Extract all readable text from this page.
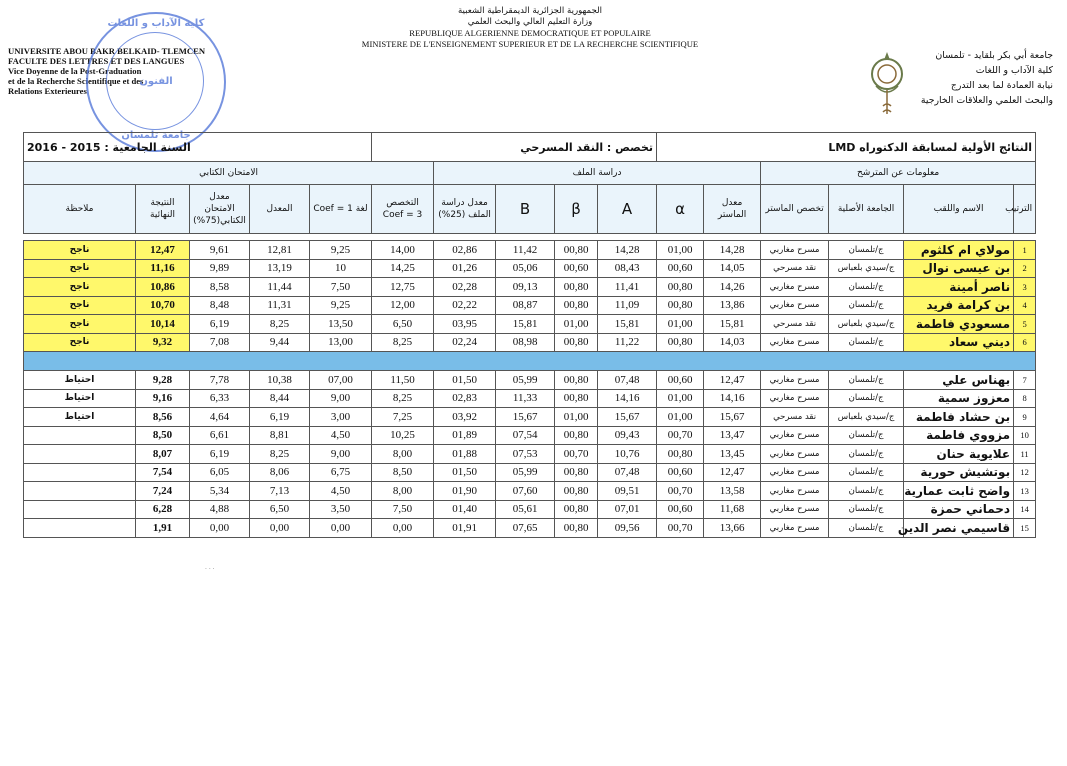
UNIVERSITE ABOU BAKR BELKAID- TLEMCEN
FACULTE DES LETTRES ET DES LANGUES
Vice Doyenne de la Post-Graduation
et de la Recherche Scientifique et des
Relations Exterieures
كلية الآداب و اللغات
الفنون
جامعة تلمسان
الجمهورية الجزائرية الديمقراطية الشعبية
وزارة التعليم العالي والبحث العلمي
REPUBLIQUE ALGERIENNE DEMOCRATIQUE ET POPULAIRE
MINISTERE DE L'ENSEIGNEMENT SUPERIEUR ET DE LA RECHERCHE SCIENTIFIQUE
جامعة أبي بكر بلقايد - تلمسان
كلية الآداب و اللغات
نيابة العمادة لما بعد التدرج
والبحث العلمي والعلاقات الخارجية
النتائج الأولية لمسابقة الدكتوراه LMD						تخصص : النقد المسرحي					السنة الجامعية : 2015 - 2016				
معلومات عن المترشح				دراسة الملف						الامتحان الكتابي					
الترتيب	الاسم واللقب	الجامعة الأصلية	تخصص الماستر	معدل الماستر	α	A	β	B	معدل دراسة الملف (25%)	التخصص Coef = 3	لغة Coef = 1	المعدل	معدل الامتحان الكتابي(75%)	النتيجة النهائية	ملاحظة

1	مولاي ام كلثوم	ج/تلمسان	مسرح مغاربي	14,28	01,00	14,28	00,80	11,42	02,86	14,00	9,25	12,81	9,61	12,47	ناجح
2	بن عيسى نوال	ج/سيدي بلعباس	نقد مسرحي	14,05	00,60	08,43	00,60	05,06	01,26	14,25	10	13,19	9,89	11,16	ناجح
3	ناصر أمينة	ج/تلمسان	مسرح مغاربي	14,26	00,80	11,41	00,80	09,13	02,28	12,75	7,50	11,44	8,58	10,86	ناجح
4	بن كرامة فريد	ج/تلمسان	مسرح مغاربي	13,86	00,80	11,09	00,80	08,87	02,22	12,00	9,25	11,31	8,48	10,70	ناجح
5	مسعودي فاطمة	ج/سيدي بلعباس	نقد مسرحي	15,81	01,00	15,81	01,00	15,81	03,95	6,50	13,50	8,25	6,19	10,14	ناجح
6	ديني سعاد	ج/تلمسان	مسرح مغاربي	14,03	00,80	11,22	00,80	08,98	02,24	8,25	13,00	9,44	7,08	9,32	ناجح

7	بهناس علي	ج/تلمسان	مسرح مغاربي	12,47	00,60	07,48	00,80	05,99	01,50	11,50	07,00	10,38	7,78	9,28	احتياط
8	معزوز سمية	ج/تلمسان	مسرح مغاربي	14,16	01,00	14,16	00,80	11,33	02,83	8,25	9,00	8,44	6,33	9,16	احتياط
9	بن حشاد فاطمة	ج/سيدي بلعباس	نقد مسرحي	15,67	01,00	15,67	01,00	15,67	03,92	7,25	3,00	6,19	4,64	8,56	احتياط
10	مزووي فاطمة	ج/تلمسان	مسرح مغاربي	13,47	00,70	09,43	00,80	07,54	01,89	10,25	4,50	8,81	6,61	8,50	
11	علايوية حنان	ج/تلمسان	مسرح مغاربي	13,45	00,80	10,76	00,70	07,53	01,88	8,00	9,00	8,25	6,19	8,07	
12	بوتشيش حورية	ج/تلمسان	مسرح مغاربي	12,47	00,60	07,48	00,80	05,99	01,50	8,50	6,75	8,06	6,05	7,54	
13	واضح ثابت عمارية	ج/تلمسان	مسرح مغاربي	13,58	00,70	09,51	00,80	07,60	01,90	8,00	4,50	7,13	5,34	7,24	
14	دحماني حمزة	ج/تلمسان	مسرح مغاربي	11,68	00,60	07,01	00,80	05,61	01,40	7,50	3,50	6,50	4,88	6,28	
15	قاسيمي نصر الدين	ج/تلمسان	مسرح مغاربي	13,66	00,70	09,56	00,80	07,65	01,91	0,00	0,00	0,00	0,00	1,91	
· · ·
